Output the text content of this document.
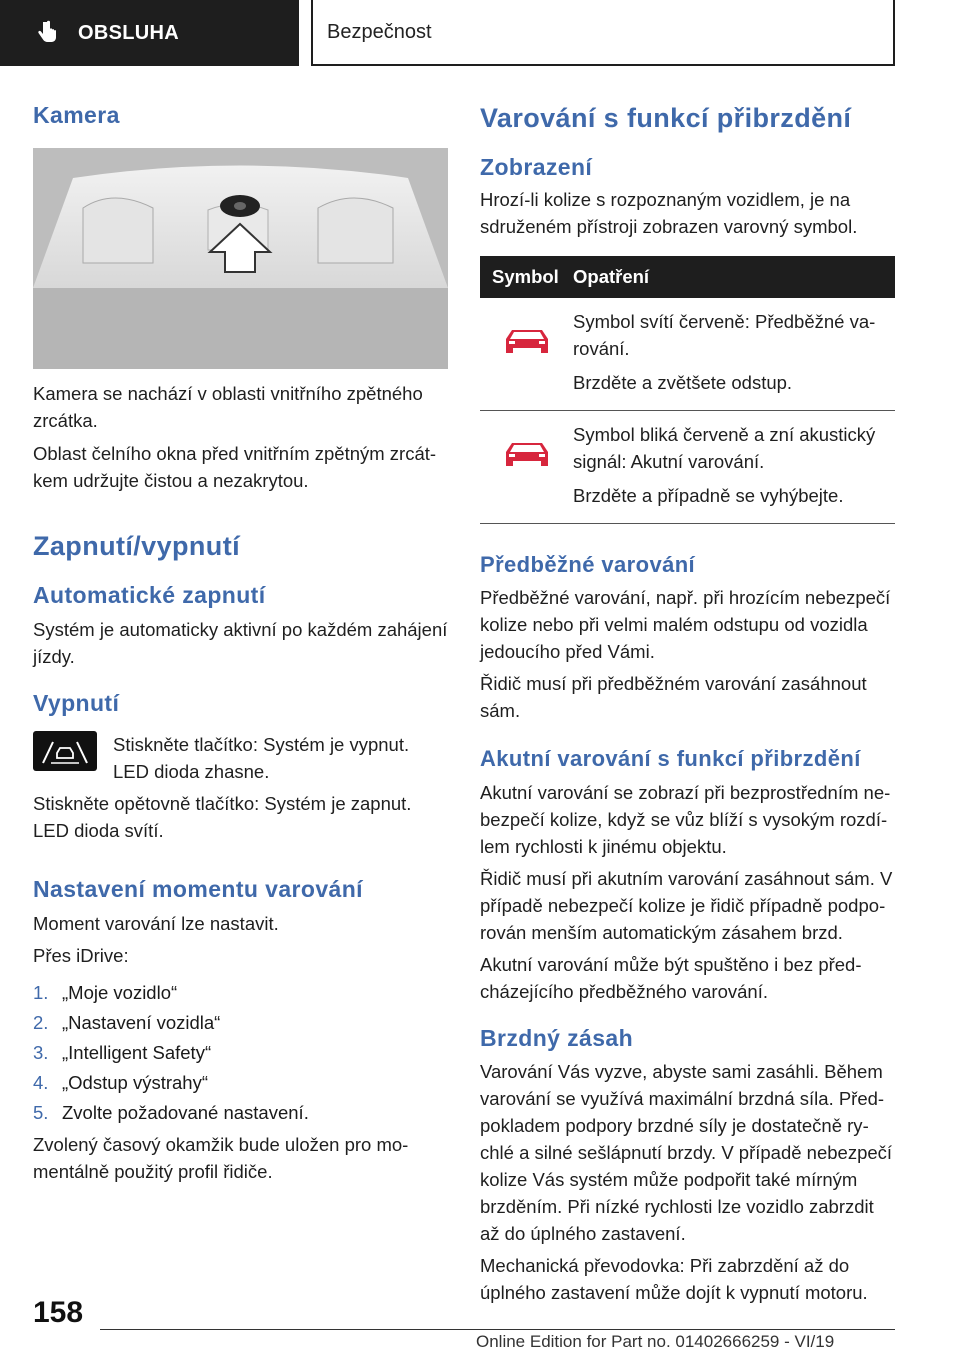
OBSLUHA	Bezpečnost
Kamera
Kamera se nachází v oblasti vnitřního zpětného zrcátka.
Oblast čelního okna před vnitřním zpětným zrcátkem udržujte čistou a nezakrytou.
Zapnutí/vypnutí
Automatické zapnutí
Systém je automaticky aktivní po každém zahájení jízdy.
Vypnutí
Stiskněte tlačítko: Systém je vypnut. LED dioda zhasne.
Stiskněte opětovně tlačítko: Systém je zapnut. LED dioda svítí.
Nastavení momentu varování
Moment varování lze nastavit.
Přes iDrive:
1. „Moje vozidlo“
2. „Nastavení vozidla“
3. „Intelligent Safety“
4. „Odstup výstrahy“
5. Zvolte požadované nastavení.
Zvolený časový okamžik bude uložen pro momentálně použitý profil řidiče.
Varování s funkcí přibrzdění
Zobrazení
Hrozí-li kolize s rozpoznaným vozidlem, je na sdruženém přístroji zobrazen varovný symbol.
Symbol	Opatření

Symbol svítí červeně: Předběžné varování.
Brzděte a zvětšete odstup.

Symbol bliká červeně a zní akustický signál: Akutní varování.
Brzděte a případně se vyhýbejte.
Předběžné varování
Předběžné varování, např. při hrozícím nebezpečí kolize nebo při velmi malém odstupu od vozidla jedoucího před Vámi.
Řidič musí při předběžném varování zasáhnout sám.
Akutní varování s funkcí přibrzdění
Akutní varování se zobrazí při bezprostředním nebezpečí kolize, když se vůz blíží s vysokým rozdílem rychlosti k jinému objektu.
Řidič musí při akutním varování zasáhnout sám. V případě nebezpečí kolize je řidič případně podporován menším automatickým zásahem brzd.
Akutní varování může být spuštěno i bez předcházejícího předběžného varování.
Brzdný zásah
Varování Vás vyzve, abyste sami zasáhli. Během varování se využívá maximální brzdná síla. Předpokladem podpory brzdné síly je dostatečně rychlé a silné sešlápnutí brzdy. V případě nebezpečí kolize Vás systém může podpořit také mírným brzděním. Při nízké rychlosti lze vozidlo zabrzdit až do úplného zastavení.
Mechanická převodovka: Při zabrzdění až do úplného zastavení může dojít k vypnutí motoru.
158
Online Edition for Part no. 01402666259 - VI/19
